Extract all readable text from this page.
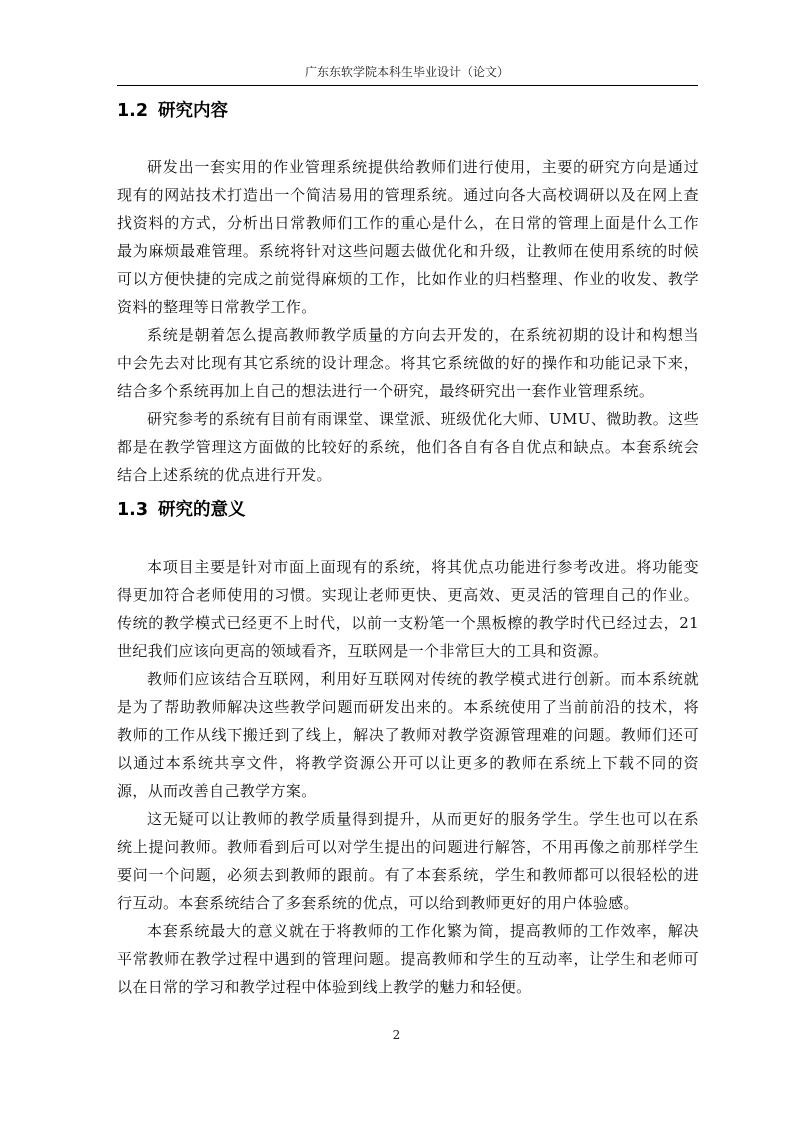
广东东软学院本科生毕业设计（论文）
1.2 研究内容

研发出一套实用的作业管理系统提供给教师们进行使用，主要的研究方向是通过现有的网站技术打造出一个简洁易用的管理系统。通过向各大高校调研以及在网上查找资料的方式，分析出日常教师们工作的重心是什么，在日常的管理上面是什么工作最为麻烦最难管理。系统将针对这些问题去做优化和升级，让教师在使用系统的时候可以方便快捷的完成之前觉得麻烦的工作，比如作业的归档整理、作业的收发、教学资料的整理等日常教学工作。

系统是朝着怎么提高教师教学质量的方向去开发的，在系统初期的设计和构想当中会先去对比现有其它系统的设计理念。将其它系统做的好的操作和功能记录下来，结合多个系统再加上自己的想法进行一个研究，最终研究出一套作业管理系统。

研究参考的系统有目前有雨课堂、课堂派、班级优化大师、UMU、微助教。这些都是在教学管理这方面做的比较好的系统，他们各自有各自优点和缺点。本套系统会结合上述系统的优点进行开发。

1.3 研究的意义

本项目主要是针对市面上面现有的系统，将其优点功能进行参考改进。将功能变得更加符合老师使用的习惯。实现让老师更快、更高效、更灵活的管理自己的作业。传统的教学模式已经更不上时代，以前一支粉笔一个黑板檫的教学时代已经过去，21 世纪我们应该向更高的领域看齐，互联网是一个非常巨大的工具和资源。

教师们应该结合互联网，利用好互联网对传统的教学模式进行创新。而本系统就是为了帮助教师解决这些教学问题而研发出来的。本系统使用了当前前沿的技术，将教师的工作从线下搬迁到了线上，解决了教师对教学资源管理难的问题。教师们还可以通过本系统共享文件，将教学资源公开可以让更多的教师在系统上下载不同的资源，从而改善自己教学方案。

这无疑可以让教师的教学质量得到提升，从而更好的服务学生。学生也可以在系统上提问教师。教师看到后可以对学生提出的问题进行解答，不用再像之前那样学生要问一个问题，必须去到教师的跟前。有了本套系统，学生和教师都可以很轻松的进行互动。本套系统结合了多套系统的优点，可以给到教师更好的用户体验感。

本套系统最大的意义就在于将教师的工作化繁为简，提高教师的工作效率，解决平常教师在教学过程中遇到的管理问题。提高教师和学生的互动率，让学生和老师可以在日常的学习和教学过程中体验到线上教学的魅力和轻便。

2
